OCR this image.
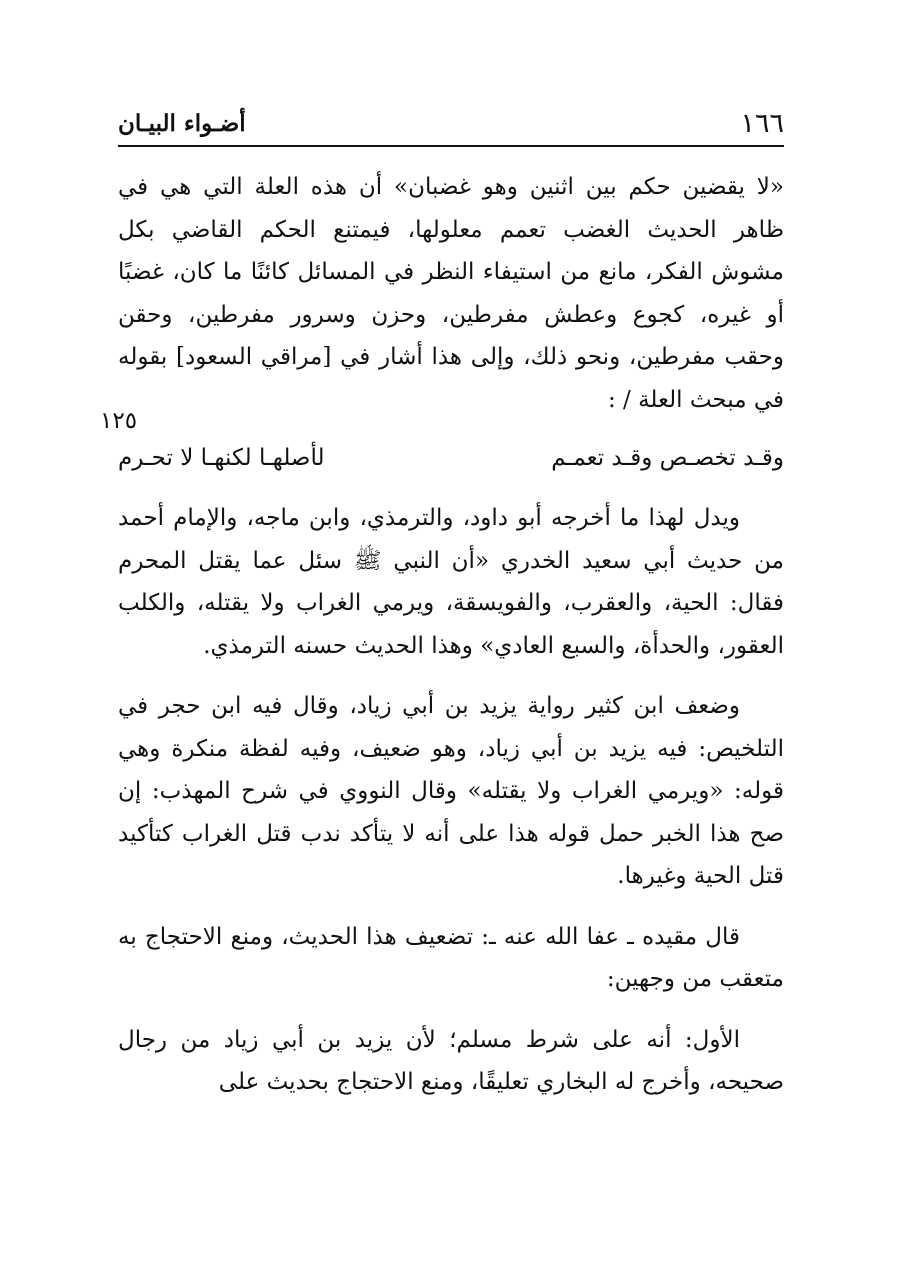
١٦٦
أضـواء البيـان
١٢٥

«لا يقضين حكم بين اثنين وهو غضبان» أن هذه العلة التي هي في ظاهر الحديث الغضب تعمم معلولها، فيمتنع الحكم القاضي بكل مشوش الفكر، مانع من استيفاء النظر في المسائل كائنًا ما كان، غضبًا أو غيره، كجوع وعطش مفرطين، وحزن وسرور مفرطين، وحقن وحقب مفرطين، ونحو ذلك، وإلى هذا أشار في [مراقي السعود] بقوله في مبحث العلة / :

وقـد تخصـص وقـد تعمـم
لأصلهـا لكنهـا لا تحـرم

ويدل لهذا ما أخرجه أبو داود، والترمذي، وابن ماجه، والإمام أحمد من حديث أبي سعيد الخدري «أن النبي ﷺ سئل عما يقتل المحرم فقال: الحية، والعقرب، والفويسقة، ويرمي الغراب ولا يقتله، والكلب العقور، والحدأة، والسبع العادي» وهذا الحديث حسنه الترمذي.

وضعف ابن كثير رواية يزيد بن أبي زياد، وقال فيه ابن حجر في التلخيص: فيه يزيد بن أبي زياد، وهو ضعيف، وفيه لفظة منكرة وهي قوله: «ويرمي الغراب ولا يقتله» وقال النووي في شرح المهذب: إن صح هذا الخبر حمل قوله هذا على أنه لا يتأكد ندب قتل الغراب كتأكيد قتل الحية وغيرها.

قال مقيده ـ عفا الله عنه ـ: تضعيف هذا الحديث، ومنع الاحتجاج به متعقب من وجهين:

الأول: أنه على شرط مسلم؛ لأن يزيد بن أبي زياد من رجال صحيحه، وأخرج له البخاري تعليقًا، ومنع الاحتجاج بحديث على
